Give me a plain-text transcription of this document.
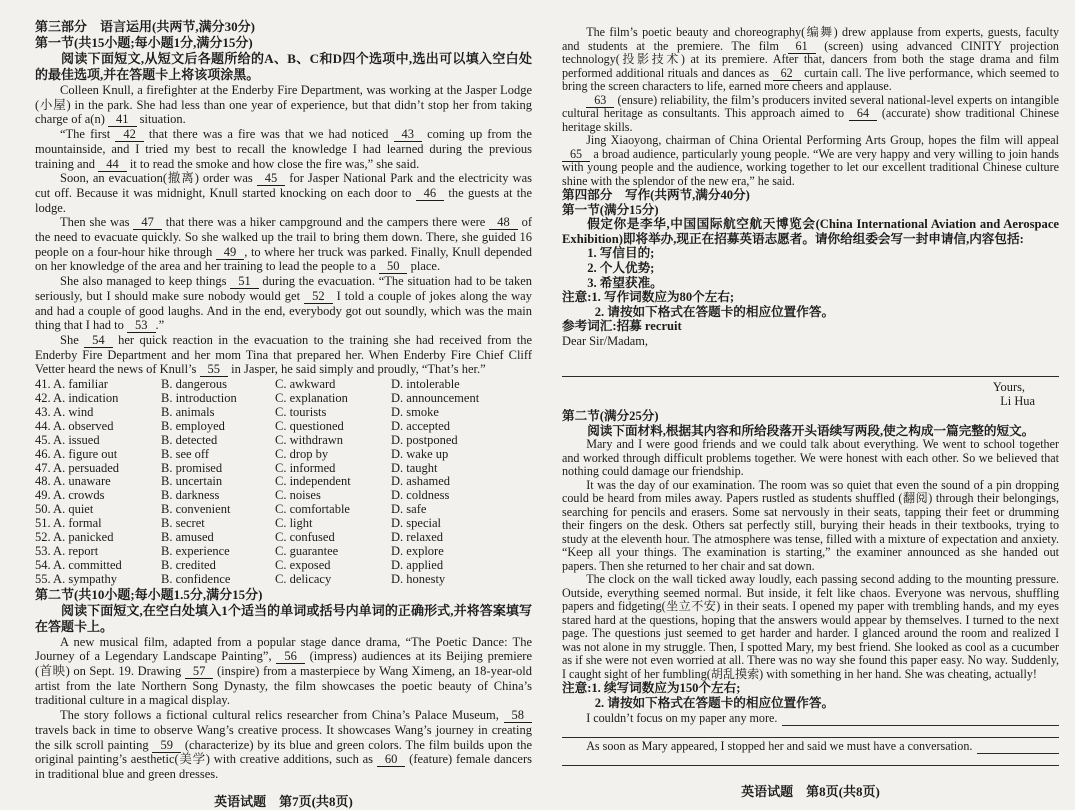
第三部分　语言运用(共两节,满分30分)
第一节(共15小题;每小题1分,满分15分)

阅读下面短文,从短文后各题所给的A、B、C和D四个选项中,选出可以填入空白处的最佳选项,并在答题卡上将该项涂黑。

Colleen Knull, a firefighter at the Enderby Fire Department, was working at the Jasper Lodge (小屋) in the park. She had less than one year of experience, but that didn’t stop her from taking charge of a(n) 41 situation.

“The first 42 that there was a fire was that we had noticed 43 coming up from the mountainside, and I tried my best to recall the knowledge I had learned during the previous training and 44 it to read the smoke and how close the fire was,” she said.

Soon, an evacuation(撤离) order was 45 for Jasper National Park and the electricity was cut off. Because it was midnight, Knull started knocking on each door to 46 the guests at the lodge.

Then she was 47 that there was a hiker campground and the campers there were 48 of the need to evacuate quickly. So she walked up the trail to bring them down. There, she guided 16 people on a four-hour hike through 49 , to where her truck was parked. Finally, Knull depended on her knowledge of the area and her training to lead the people to a 50 place.

She also managed to keep things 51 during the evacuation. “The situation had to be taken seriously, but I should make sure nobody would get 52 I told a couple of jokes along the way and had a couple of good laughs. And in the end, everybody got out soundly, which was the main thing that I had to 53 .”

She 54 her quick reaction in the evacuation to the training she had received from the Enderby Fire Department and her mom Tina that prepared her. When Enderby Fire Chief Cliff Vetter heard the news of Knull’s 55 in Jasper, he said simply and proudly, “That’s her.”

41. A. familiar	B. dangerous	C. awkward	D. intolerable
42. A. indication	B. introduction	C. explanation	D. announcement
43. A. wind	B. animals	C. tourists	D. smoke
44. A. observed	B. employed	C. questioned	D. accepted
45. A. issued	B. detected	C. withdrawn	D. postponed
46. A. figure out	B. see off	C. drop by	D. wake up
47. A. persuaded	B. promised	C. informed	D. taught
48. A. unaware	B. uncertain	C. independent	D. ashamed
49. A. crowds	B. darkness	C. noises	D. coldness
50. A. quiet	B. convenient	C. comfortable	D. safe
51. A. formal	B. secret	C. light	D. special
52. A. panicked	B. amused	C. confused	D. relaxed
53. A. report	B. experience	C. guarantee	D. explore
54. A. committed	B. credited	C. exposed	D. applied
55. A. sympathy	B. confidence	C. delicacy	D. honesty
第二节(共10小题;每小题1.5分,满分15分)

阅读下面短文,在空白处填入1个适当的单词或括号内单词的正确形式,并将答案填写在答题卡上。

A new musical film, adapted from a popular stage dance drama, “The Poetic Dance: The Journey of a Legendary Landscape Painting”, 56 (impress) audiences at its Beijing premiere (首映) on Sept. 19. Drawing 57 (inspire) from a masterpiece by Wang Ximeng, an 18-year-old artist from the late Northern Song Dynasty, the film showcases the poetic beauty of China’s traditional culture in a magical display.

The story follows a fictional cultural relics researcher from China’s Palace Museum, 58 travels back in time to observe Wang’s creative process. It showcases Wang’s journey in creating the silk scroll painting 59 (characterize) by its blue and green colors. The film builds upon the original painting’s aesthetic(美学) with creative additions, such as 60 (feature) female dancers in traditional blue and green dresses.

英语试题　第7页(共8页)

The film’s poetic beauty and choreography(编舞) drew applause from experts, guests, faculty and students at the premiere. The film 61 (screen) using advanced CINITY projection technology(投影技术) at its premiere. After that, dancers from both the stage drama and film performed additional rituals and dances as 62 curtain call. The live performance, which seemed to bring the screen characters to life, earned more cheers and applause.

63 (ensure) reliability, the film’s producers invited several national-level experts on intangible cultural heritage as consultants. This approach aimed to 64 (accurate) show traditional Chinese heritage skills.

Jing Xiaoyong, chairman of China Oriental Performing Arts Group, hopes the film will appeal 65 a broad audience, particularly young people. “We are very happy and very willing to join hands with young people and the audience, working together to let our excellent traditional Chinese culture shine with the splendor of the new era,” he said.

第四部分　写作(共两节,满分40分)
第一节(满分15分)

假定你是李华,中国国际航空航天博览会(China International Aviation and Aerospace Exhibition)即将举办,现正在招募英语志愿者。请你给组委会写一封申请信,内容包括:

1. 写信目的;
2. 个人优势;
3. 希望获准。
注意:1. 写作词数应为80个左右;
2. 请按如下格式在答题卡的相应位置作答。
参考词汇:招募 recruit
Dear Sir/Madam,
Yours,
Li Hua
第二节(满分25分)

阅读下面材料,根据其内容和所给段落开头语续写两段,使之构成一篇完整的短文。

Mary and I were good friends and we could talk about everything. We went to school together and worked through difficult problems together. We were honest with each other. So we believed that nothing could damage our friendship.

It was the day of our examination. The room was so quiet that even the sound of a pin dropping could be heard from miles away. Papers rustled as students shuffled (翻阅) through their belongings, searching for pencils and erasers. Some sat nervously in their seats, tapping their feet or drumming their fingers on the desk. Others sat perfectly still, burying their heads in their textbooks, trying to study at the eleventh hour. The atmosphere was tense, filled with a mixture of expectation and anxiety. “Keep all your things. The examination is starting,” the examiner announced as she handed out papers. Then she returned to her chair and sat down.

The clock on the wall ticked away loudly, each passing second adding to the mounting pressure. Outside, everything seemed normal. But inside, it felt like chaos. Everyone was nervous, shuffling papers and fidgeting(坐立不安) in their seats. I opened my paper with trembling hands, and my eyes stared hard at the questions, hoping that the answers would appear by themselves. I turned to the next page. The questions just seemed to get harder and harder. I glanced around the room and realized I was not alone in my struggle. Then, I spotted Mary, my best friend. She looked as cool as a cucumber as if she were not even worried at all. There was no way she found this paper easy. No way. Suddenly, I caught sight of her fumbling(胡乱摸索) with something in her hand. She was cheating, actually!

注意:1. 续写词数应为150个左右;
2. 请按如下格式在答题卡的相应位置作答。
I couldn’t focus on my paper any more.
As soon as Mary appeared, I stopped her and said we must have a conversation.
英语试题　第8页(共8页)
